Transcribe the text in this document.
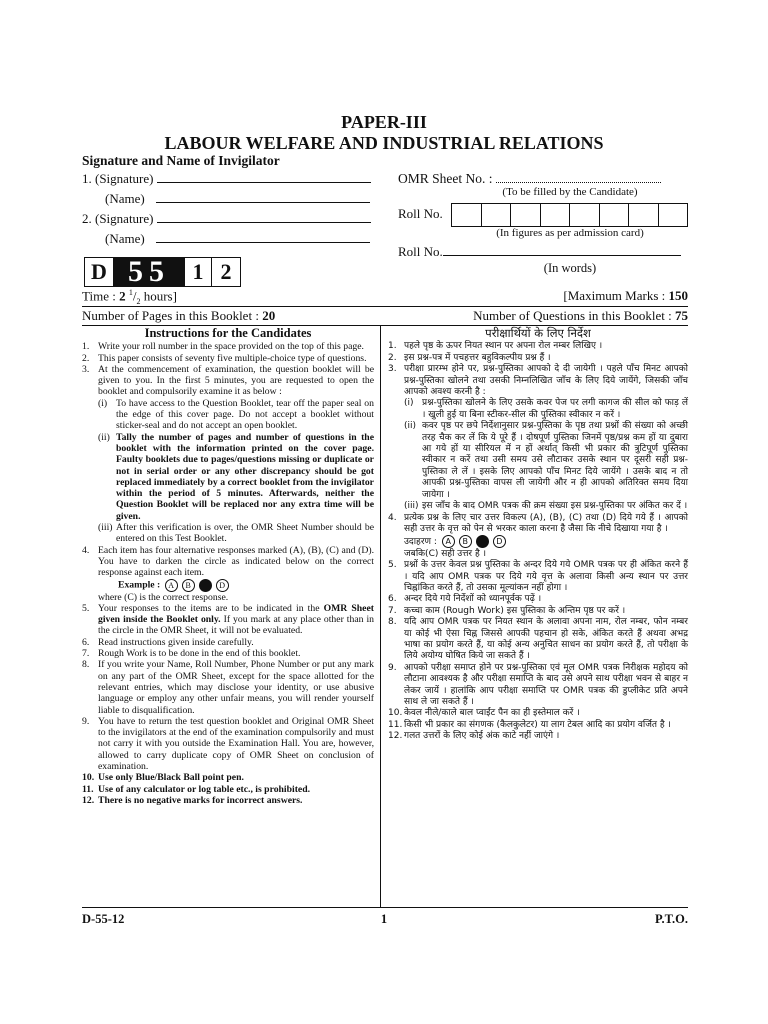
PAPER-III
LABOUR WELFARE AND INDUSTRIAL RELATIONS
Signature and Name of Invigilator
1. (Signature)
(Name)
2. (Signature)
(Name)
OMR Sheet No. :
(To be filled by the Candidate)
Roll No.
(In figures as per admission card)
Roll No.
(In words)
D 55	1 2
Time : 2 $^1/_2$ hours]	[Maximum Marks : 150
Number of Pages in this Booklet : 20	Number of Questions in this Booklet : 75
Instructions for the Candidates
1. Write your roll number in the space provided on the top of this page.
2. This paper consists of seventy five multiple-choice type of questions.
3. At the commencement of examination, the question booklet will be given to you. In the first 5 minutes, you are requested to open the booklet and compulsorily examine it as below :
(i) To have access to the Question Booklet, tear off the paper seal on the edge of this cover page. Do not accept a booklet without sticker-seal and do not accept an open booklet.
(ii) Tally the number of pages and number of questions in the booklet with the information printed on the cover page. Faulty booklets due to pages/questions missing or duplicate or not in serial order or any other discrepancy should be got replaced immediately by a correct booklet from the invigilator within the period of 5 minutes. Afterwards, neither the Question Booklet will be replaced nor any extra time will be given.
(iii) After this verification is over, the OMR Sheet Number should be entered on this Test Booklet.
4. Each item has four alternative responses marked (A), (B), (C) and (D). You have to darken the circle as indicated below on the correct response against each item.
Example : A B	D
where (C) is the correct response.
5. Your responses to the items are to be indicated in the OMR Sheet given inside the Booklet only. If you mark at any place other than in the circle in the OMR Sheet, it will not be evaluated.
6. Read instructions given inside carefully.
7. Rough Work is to be done in the end of this booklet.
8. If you write your Name, Roll Number, Phone Number or put any mark on any part of the OMR Sheet, except for the space allotted for the relevant entries, which may disclose your identity, or use abusive language or employ any other unfair means, you will render yourself liable to disqualification.
9. You have to return the test question booklet and Original OMR Sheet to the invigilators at the end of the examination compulsorily and must not carry it with you outside the Examination Hall. You are, however, allowed to carry duplicate copy of OMR Sheet on conclusion of examination.
10. Use only Blue/Black Ball point pen.
11. Use of any calculator or log table etc., is prohibited.
12. There is no negative marks for incorrect answers.
परीक्षार्थियों के लिए निर्देश
1. पहले पृष्ठ के ऊपर नियत स्थान पर अपना रोल नम्बर लिखिए ।
2. इस प्रश्न-पत्र में पचहत्तर बहुविकल्पीय प्रश्न हैं ।
3. परीक्षा प्रारम्भ होने पर, प्रश्न-पुस्तिका आपको दे दी जायेगी । पहले पाँच मिनट आपको प्रश्न-पुस्तिका खोलने तथा उसकी निम्नलिखित जाँच के लिए दिये जायेंगे, जिसकी जाँच आपको अवश्य करनी है :
(i) प्रश्न-पुस्तिका खोलने के लिए उसके कवर पेज पर लगी कागज की सील को फाड़ लें । खुली हुई या बिना स्टीकर-सील की पुस्तिका स्वीकार न करें ।
(ii) कवर पृष्ठ पर छपे निर्देशानुसार प्रश्न-पुस्तिका के पृष्ठ तथा प्रश्नों की संख्या को अच्छी तरह चैक कर लें कि ये पूरे हैं । दोषपूर्ण पुस्तिका जिनमें पृष्ठ/प्रश्न कम हों या दुबारा आ गये हों या सीरियल में न हों अर्थात् किसी भी प्रकार की त्रुटिपूर्ण पुस्तिका स्वीकार न करें तथा उसी समय उसे लौटाकर उसके स्थान पर दूसरी सही प्रश्न-पुस्तिका ले लें । इसके लिए आपको पाँच मिनट दिये जायेंगे । उसके बाद न तो आपकी प्रश्न-पुस्तिका वापस ली जायेगी और न ही आपको अतिरिक्त समय दिया जायेगा ।
(iii) इस जाँच के बाद OMR पत्रक की क्रम संख्या इस प्रश्न-पुस्तिका पर अंकित कर दें ।
4. प्रत्येक प्रश्न के लिए चार उत्तर विकल्प (A), (B), (C) तथा (D) दिये गये हैं । आपको सही उत्तर के वृत्त को पेन से भरकर काला करना है जैसा कि नीचे दिखाया गया है ।
उदाहरण : A B	D
जबकि(C) सही उत्तर है ।
5. प्रश्नों के उत्तर केवल प्रश्न पुस्तिका के अन्दर दिये गये OMR पत्रक पर ही अंकित करने हैं । यदि आप OMR पत्रक पर दिये गये वृत्त के अलावा किसी अन्य स्थान पर उत्तर चिह्नांकित करते हैं, तो उसका मूल्यांकन नहीं होगा ।
6. अन्दर दिये गये निर्देशों को ध्यानपूर्वक पढ़ें ।
7. कच्चा काम (Rough Work) इस पुस्तिका के अन्तिम पृष्ठ पर करें ।
8. यदि आप OMR पत्रक पर नियत स्थान के अलावा अपना नाम, रोल नम्बर, फोन नम्बर या कोई भी ऐसा चिह्न जिससे आपकी पहचान हो सके, अंकित करते हैं अथवा अभद्र भाषा का प्रयोग करते हैं, या कोई अन्य अनुचित साधन का प्रयोग करते हैं, तो परीक्षा के लिये अयोग्य घोषित किये जा सकते हैं ।
9. आपको परीक्षा समाप्त होने पर प्रश्न-पुस्तिका एवं मूल OMR पत्रक निरीक्षक महोदय को लौटाना आवश्यक है और परीक्षा समाप्ति के बाद उसे अपने साथ परीक्षा भवन से बाहर न लेकर जायें । हालांकि आप परीक्षा समाप्ति पर OMR पत्रक की डुप्लीकेट प्रति अपने साथ ले जा सकते हैं ।
10. केवल नीले/काले बाल प्वाईंट पैन का ही इस्तेमाल करें ।
11. किसी भी प्रकार का संगणक (कैलकुलेटर) या लाग टेबल आदि का प्रयोग वर्जित है ।
12. गलत उत्तरों के लिए कोई अंक काटे नहीं जाएंगे ।
D-55-12	1	P.T.O.
